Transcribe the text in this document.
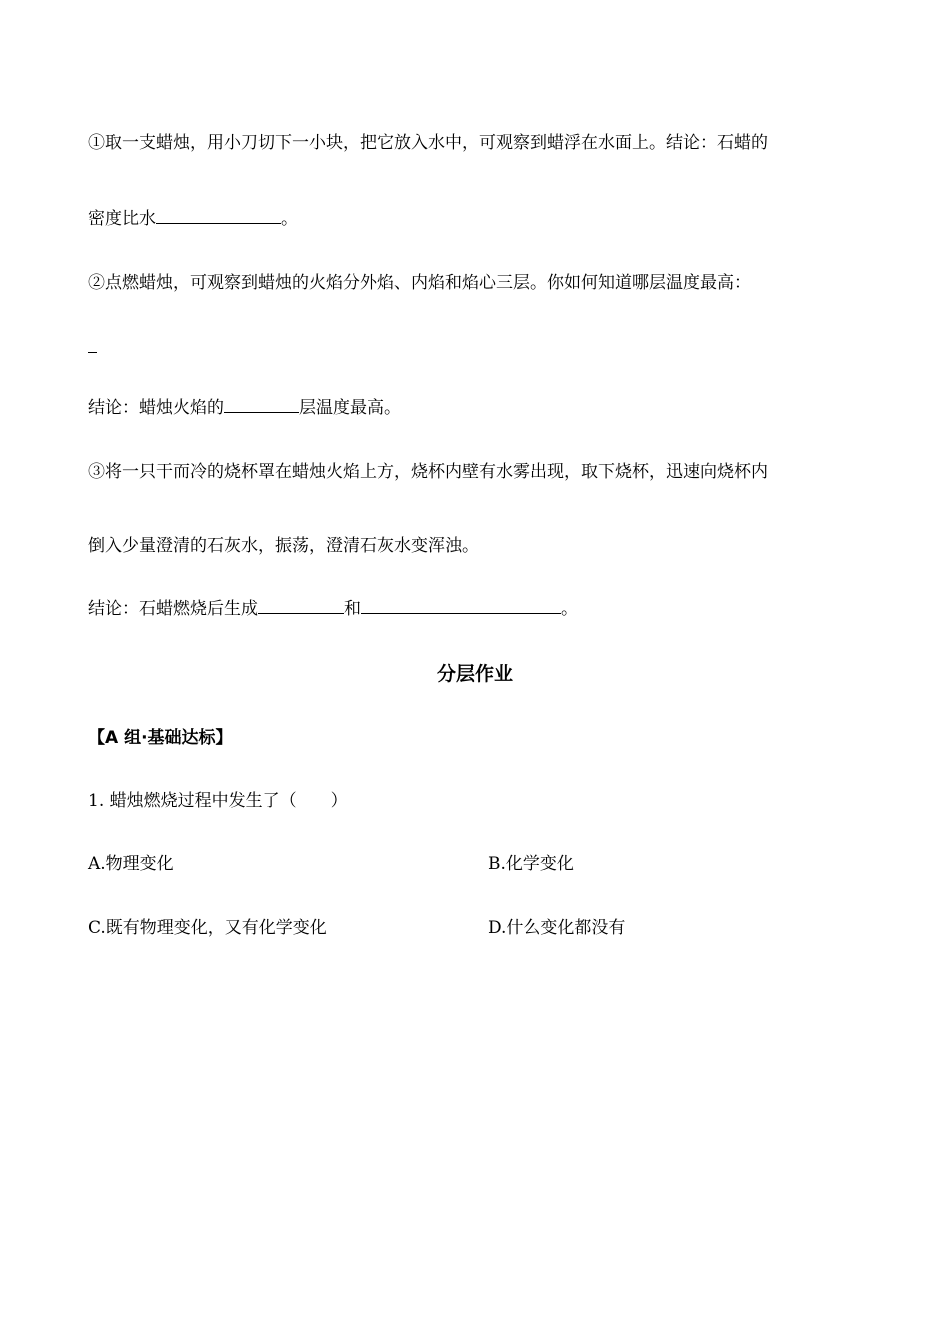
①取一支蜡烛，用小刀切下一小块，把它放入水中，可观察到蜡浮在水面上。结论：石蜡的
密度比水	。
②点燃蜡烛，可观察到蜡烛的火焰分外焰、内焰和焰心三层。你如何知道哪层温度最高：
结论：蜡烛火焰的	层温度最高。
③将一只干而冷的烧杯罩在蜡烛火焰上方，烧杯内壁有水雾出现，取下烧杯，迅速向烧杯内
倒入少量澄清的石灰水，振荡，澄清石灰水变浑浊。
结论：石蜡燃烧后生成	和	。
分层作业
【A 组·基础达标】
1. 蜡烛燃烧过程中发生了（　　）
A.物理变化	B.化学变化
C.既有物理变化，又有化学变化	D.什么变化都没有
